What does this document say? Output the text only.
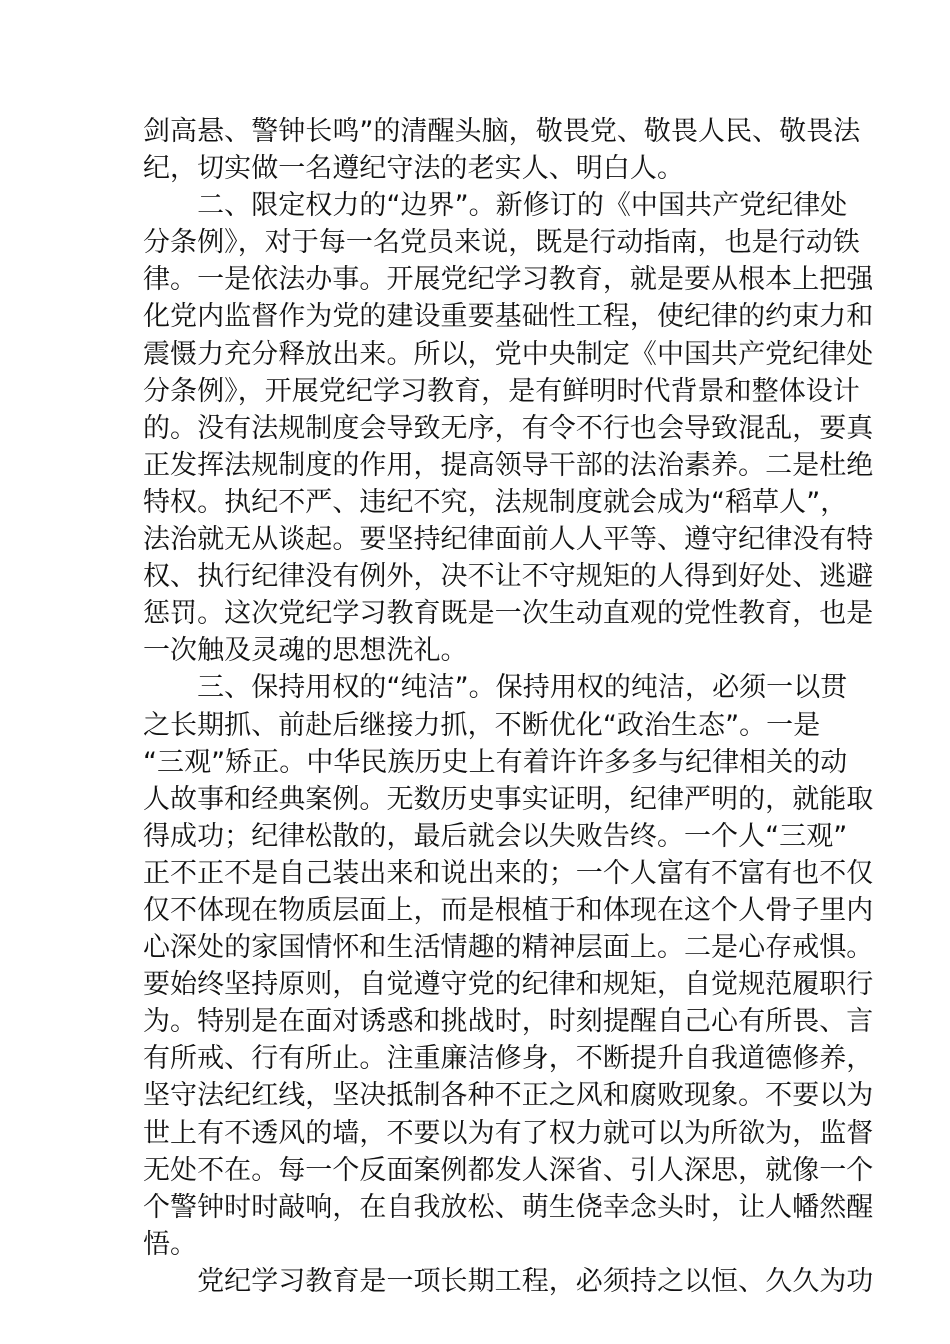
剑高悬、警钟长鸣”的清醒头脑，敬畏党、敬畏人民、敬畏法
纪，切实做一名遵纪守法的老实人、明白人。
　　二、限定权力的“边界”。新修订的《中国共产党纪律处
分条例》，对于每一名党员来说，既是行动指南，也是行动铁
律。一是依法办事。开展党纪学习教育，就是要从根本上把强
化党内监督作为党的建设重要基础性工程，使纪律的约束力和
震慑力充分释放出来。所以，党中央制定《中国共产党纪律处
分条例》，开展党纪学习教育，是有鲜明时代背景和整体设计
的。没有法规制度会导致无序，有令不行也会导致混乱，要真
正发挥法规制度的作用，提高领导干部的法治素养。二是杜绝
特权。执纪不严、违纪不究，法规制度就会成为“稻草人”，
法治就无从谈起。要坚持纪律面前人人平等、遵守纪律没有特
权、执行纪律没有例外，决不让不守规矩的人得到好处、逃避
惩罚。这次党纪学习教育既是一次生动直观的党性教育，也是
一次触及灵魂的思想洗礼。
　　三、保持用权的“纯洁”。保持用权的纯洁，必须一以贯
之长期抓、前赴后继接力抓，不断优化“政治生态”。一是
“三观”矫正。中华民族历史上有着许许多多与纪律相关的动
人故事和经典案例。无数历史事实证明，纪律严明的，就能取
得成功；纪律松散的，最后就会以失败告终。一个人“三观”
正不正不是自己装出来和说出来的；一个人富有不富有也不仅
仅不体现在物质层面上，而是根植于和体现在这个人骨子里内
心深处的家国情怀和生活情趣的精神层面上。二是心存戒惧。
要始终坚持原则，自觉遵守党的纪律和规矩，自觉规范履职行
为。特别是在面对诱惑和挑战时，时刻提醒自己心有所畏、言
有所戒、行有所止。注重廉洁修身，不断提升自我道德修养，
坚守法纪红线，坚决抵制各种不正之风和腐败现象。不要以为
世上有不透风的墙，不要以为有了权力就可以为所欲为，监督
无处不在。每一个反面案例都发人深省、引人深思，就像一个
个警钟时时敲响，在自我放松、萌生侥幸念头时，让人幡然醒
悟。
　　党纪学习教育是一项长期工程，必须持之以恒、久久为功
